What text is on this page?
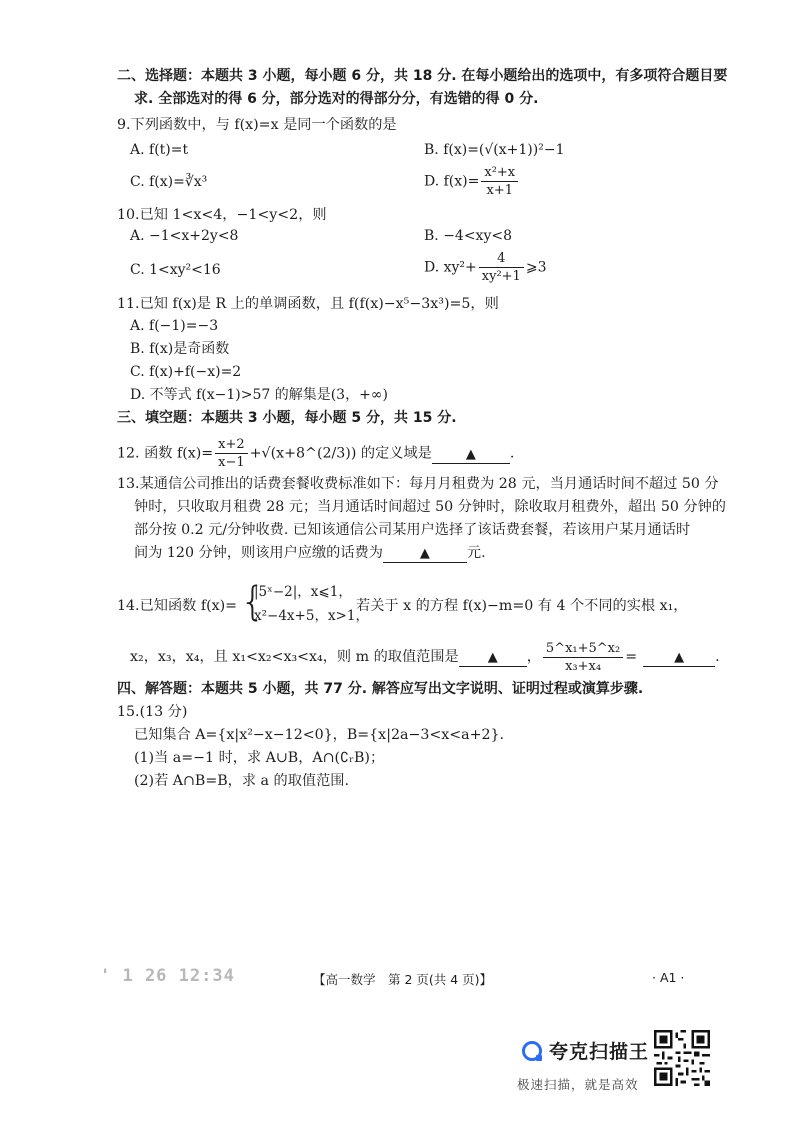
二、选择题：本题共 3 小题，每小题 6 分，共 18 分. 在每小题给出的选项中，有多项符合题目要
求. 全部选对的得 6 分，部分选对的得部分分，有选错的得 0 分.
9.下列函数中，与 f(x)=x 是同一个函数的是
A. f(t)=t	B. f(x)=(√(x+1))²−1
C. f(x)=∛x³	D. $f(x)= \frac{\text{x²+x}}{x+1}$
10.已知 1<x<4，−1<y<2，则
A. −1<x+2y<8	B. −4<xy<8
C. 1<xy²<16	D. $xy^2+ \frac{4}{\text{xy²+1}}$ ⩾3
11.已知 f(x)是 R 上的单调函数，且 f(f(x)−x⁵−3x³)=5，则
A. f(−1)=−3
B. f(x)是奇函数
C. f(x)+f(−x)=2
D. 不等式 f(x−1)>57 的解集是(3，+∞)
三、填空题：本题共 3 小题，每小题 5 分，共 15 分.
12. 函数 $f(x)= \frac{x+2}{x-1}$ +√(x+8^(2/3)) 的定义域是	▲ .
13.某通信公司推出的话费套餐收费标准如下：每月月租费为 28 元，当月通话时间不超过 50 分
钟时，只收取月租费 28 元；当月通话时间超过 50 分钟时，除收取月租费外，超出 50 分钟的
部分按 0.2 元/分钟收费. 已知该通信公司某用户选择了该话费套餐，若该用户某月通话时
间为 120 分钟，则该用户应缴的话费为	▲	元.
14.已知函数 f(x)= {
|5ˣ−2|，x⩽1，
x²−4x+5，x>1，
若关于 x 的方程 f(x)−m=0 有 4 个不同的实根 x₁，
x₂，x₃，x₄，且 x₁<x₂<x₃<x₄，则 m 的取值范围是 ▲ ， $\frac{\text{5\textasciicircum{}x₁+5\textasciicircum{}x₂}}{\text{x₃+x₄}}$ =	▲ .
四、解答题：本题共 5 小题，共 77 分. 解答应写出文字说明、证明过程或演算步骤.
15.(13 分)
已知集合 A={x|x²−x−12<0}，B={x|2a−3<x<a+2}.
(1)当 a=−1 时，求 A∪B，A∩(∁ᵣB)；
(2)若 A∩B=B，求 a 的取值范围.
' 1 26 12:34	【高一数学　第 2 页(共 4 页)】	· A1 ·
夸克扫描王
极速扫描，就是高效
